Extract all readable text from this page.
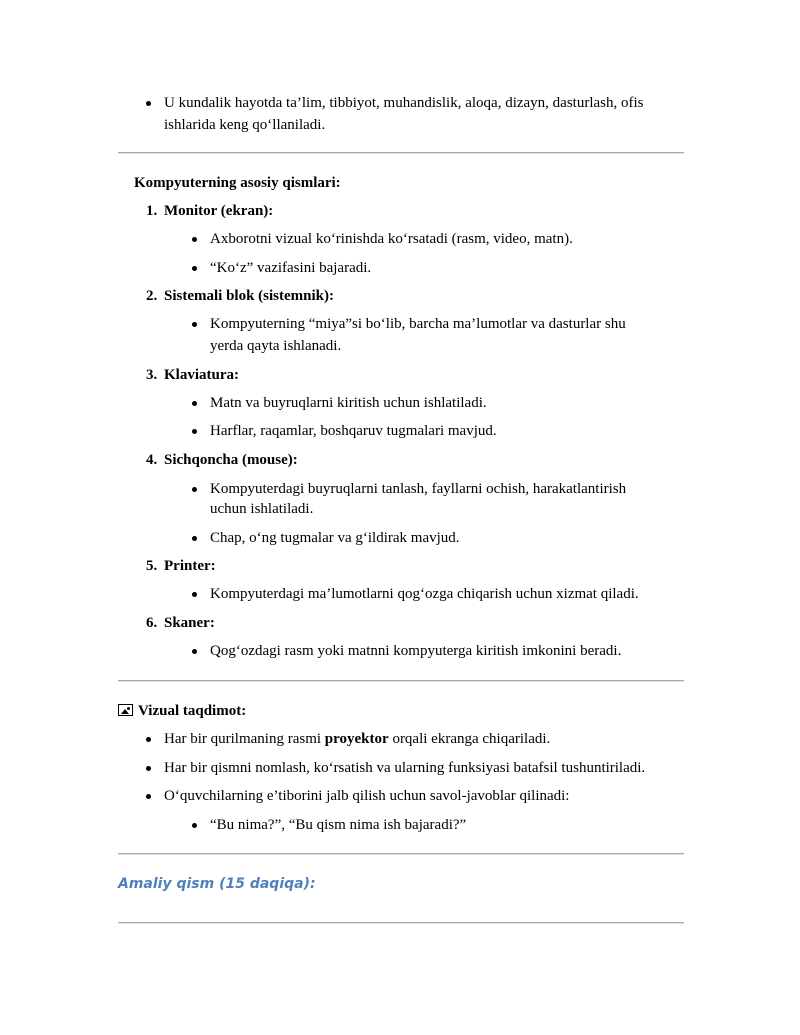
U kundalik hayotda ta’lim, tibbiyot, muhandislik, aloqa, dizayn, dasturlash, ofis
ishlarida keng qo‘llaniladi.
Kompyuterning asosiy qismlari:
1. Monitor (ekran):
Axborotni vizual ko‘rinishda ko‘rsatadi (rasm, video, matn).
“Ko‘z” vazifasini bajaradi.
2. Sistemali blok (sistemnik):
Kompyuterning “miya”si bo‘lib, barcha ma’lumotlar va dasturlar shu
yerda qayta ishlanadi.
3. Klaviatura:
Matn va buyruqlarni kiritish uchun ishlatiladi.
Harflar, raqamlar, boshqaruv tugmalari mavjud.
4. Sichqoncha (mouse):
Kompyuterdagi buyruqlarni tanlash, fayllarni ochish, harakatlantirish
uchun ishlatiladi.
Chap, o‘ng tugmalar va g‘ildirak mavjud.
5. Printer:
Kompyuterdagi ma’lumotlarni qog‘ozga chiqarish uchun xizmat qiladi.
6. Skaner:
Qog‘ozdagi rasm yoki matnni kompyuterga kiritish imkonini beradi.
Vizual taqdimot:
Har bir qurilmaning rasmi proyektor orqali ekranga chiqariladi.
Har bir qismni nomlash, ko‘rsatish va ularning funksiyasi batafsil tushuntiriladi.
O‘quvchilarning e’tiborini jalb qilish uchun savol-javoblar qilinadi:
“Bu nima?”, “Bu qism nima ish bajaradi?”
Amaliy qism (15 daqiqa):
